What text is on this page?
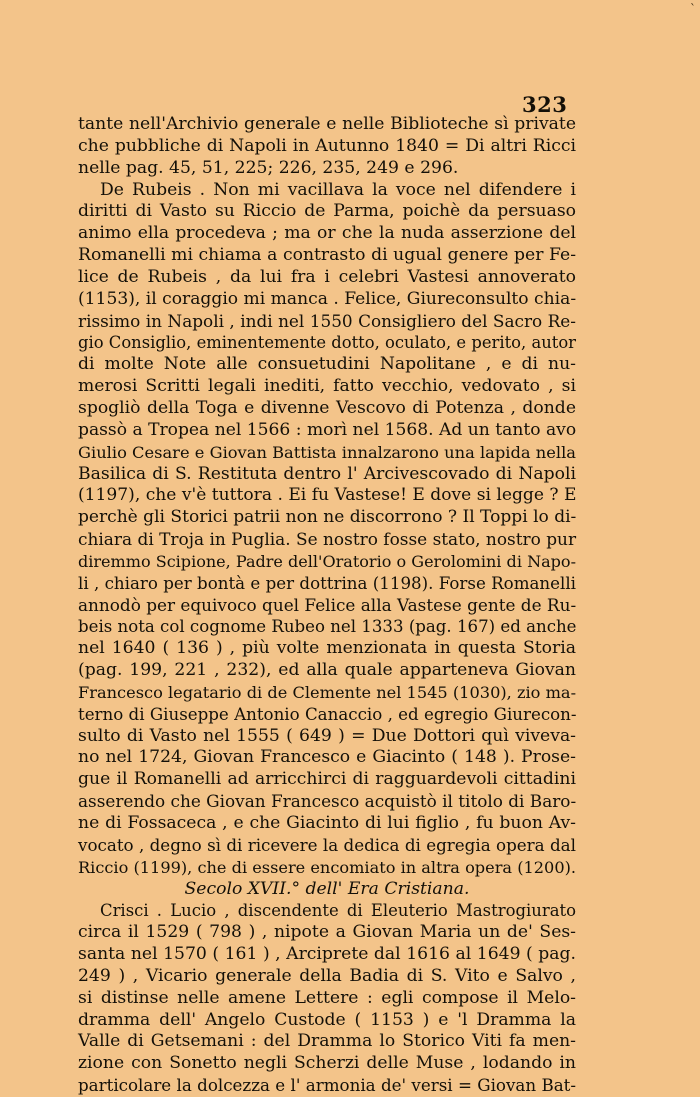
`
323
tante nell'Archivio generale e nelle Biblioteche sì private
che pubbliche di Napoli in Autunno 1840 = Di altri Ricci
nelle pag. 45, 51, 225; 226, 235, 249 e 296.
De Rubeis . Non mi vacillava la voce nel difendere i
diritti di Vasto su Riccio de Parma, poichè da persuaso
animo ella procedeva ; ma or che la nuda asserzione del
Romanelli mi chiama a contrasto di ugual genere per Fe-
lice de Rubeis , da lui fra i celebri Vastesi annoverato
(1153), il coraggio mi manca . Felice, Giureconsulto chia-
rissimo in Napoli , indi nel 1550 Consigliero del Sacro Re-
gio Consiglio, eminentemente dotto, oculato, e perito, autor
di molte Note alle consuetudini Napolitane , e di nu-
merosi Scritti legali inediti, fatto vecchio, vedovato , si
spogliò della Toga e divenne Vescovo di Potenza , donde
passò a Tropea nel 1566 : morì nel 1568. Ad un tanto avo
Giulio Cesare e Giovan Battista innalzarono una lapida nella
Basilica di S. Restituta dentro l' Arcivescovado di Napoli
(1197), che v'è tuttora . Ei fu Vastese! E dove si legge ? E
perchè gli Storici patrii non ne discorrono ? Il Toppi lo di-
chiara di Troja in Puglia. Se nostro fosse stato, nostro pur
diremmo Scipione, Padre dell'Oratorio o Gerolomini di Napo-
li , chiaro per bontà e per dottrina (1198). Forse Romanelli
annodò per equivoco quel Felice alla Vastese gente de Ru-
beis nota col cognome Rubeo nel 1333 (pag. 167) ed anche
nel 1640 ( 136 ) , più volte menzionata in questa Storia
(pag. 199, 221 , 232), ed alla quale apparteneva Giovan
Francesco legatario di de Clemente nel 1545 (1030), zio ma-
terno di Giuseppe Antonio Canaccio , ed egregio Giurecon-
sulto di Vasto nel 1555 ( 649 ) = Due Dottori quì viveva-
no nel 1724, Giovan Francesco e Giacinto ( 148 ). Prose-
gue il Romanelli ad arricchirci di ragguardevoli cittadini
asserendo che Giovan Francesco acquistò il titolo di Baro-
ne di Fossaceca , e che Giacinto di lui figlio , fu buon Av-
vocato , degno sì di ricevere la dedica di egregia opera dal
Riccio (1199), che di essere encomiato in altra opera (1200).
Secolo XVII.° dell' Era Cristiana.
Crisci . Lucio , discendente di Eleuterio Mastrogiurato
circa il 1529 ( 798 ) , nipote a Giovan Maria un de' Ses-
santa nel 1570 ( 161 ) , Arciprete dal 1616 al 1649 ( pag.
249 ) , Vicario generale della Badia di S. Vito e Salvo ,
si distinse nelle amene Lettere : egli compose il Melo-
dramma dell' Angelo Custode ( 1153 ) e 'l Dramma la
Valle di Getsemani : del Dramma lo Storico Viti fa men-
zione con Sonetto negli Scherzi delle Muse , lodando in
particolare la dolcezza e l' armonia de' versi = Giovan Bat-
